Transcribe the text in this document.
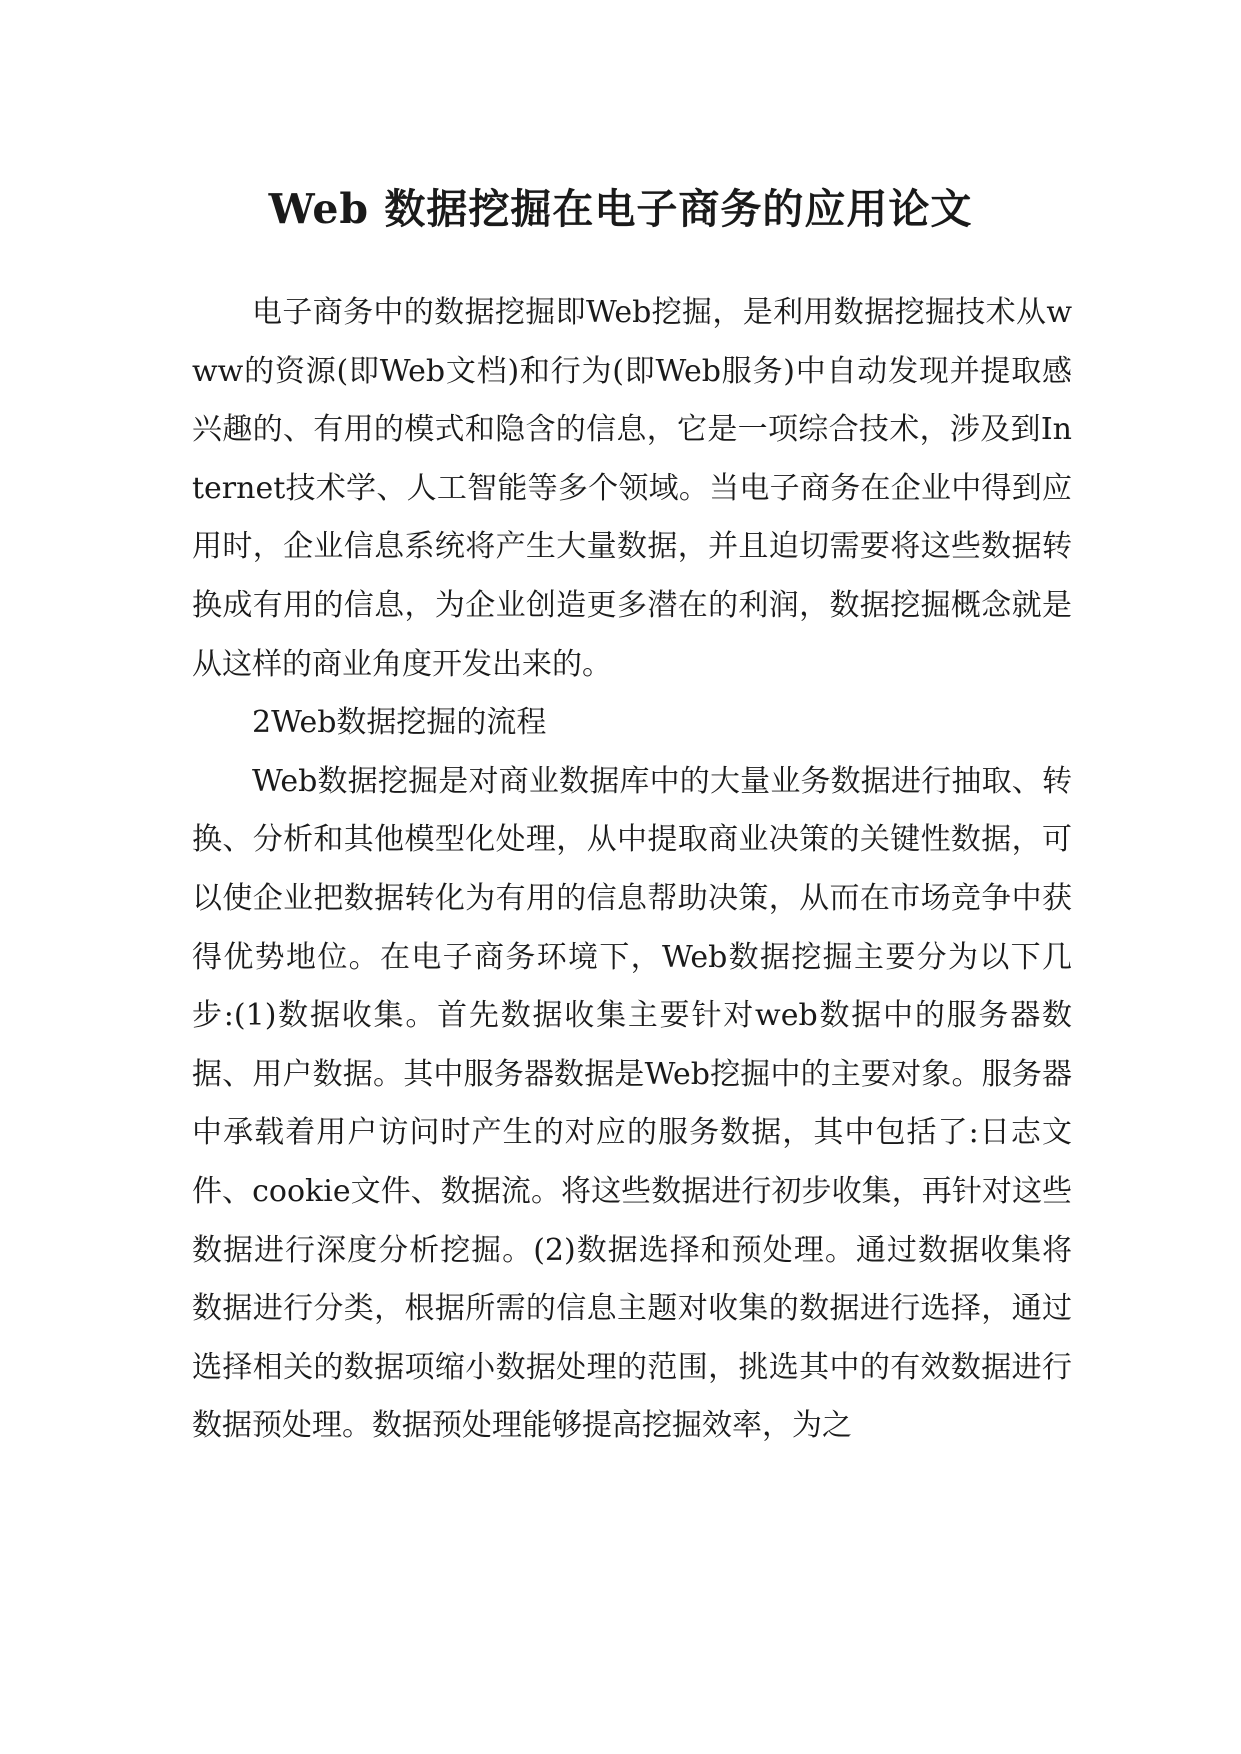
Web 数据挖掘在电子商务的应用论文

电子商务中的数据挖掘即Web挖掘，是利用数据挖掘技术从www的资源(即Web文档)和行为(即Web服务)中自动发现并提取感兴趣的、有用的模式和隐含的信息，它是一项综合技术，涉及到Internet技术学、人工智能等多个领域。当电子商务在企业中得到应用时，企业信息系统将产生大量数据，并且迫切需要将这些数据转换成有用的信息，为企业创造更多潜在的利润，数据挖掘概念就是从这样的商业角度开发出来的。

2Web数据挖掘的流程

Web数据挖掘是对商业数据库中的大量业务数据进行抽取、转换、分析和其他模型化处理，从中提取商业决策的关键性数据，可以使企业把数据转化为有用的信息帮助决策，从而在市场竞争中获得优势地位。在电子商务环境下，Web数据挖掘主要分为以下几步:(1)数据收集。首先数据收集主要针对web数据中的服务器数据、用户数据。其中服务器数据是Web挖掘中的主要对象。服务器中承载着用户访问时产生的对应的服务数据，其中包括了:日志文件、cookie文件、数据流。将这些数据进行初步收集，再针对这些数据进行深度分析挖掘。(2)数据选择和预处理。通过数据收集将数据进行分类，根据所需的信息主题对收集的数据进行选择，通过选择相关的数据项缩小数据处理的范围，挑选其中的有效数据进行数据预处理。数据预处理能够提高挖掘效率，为之
